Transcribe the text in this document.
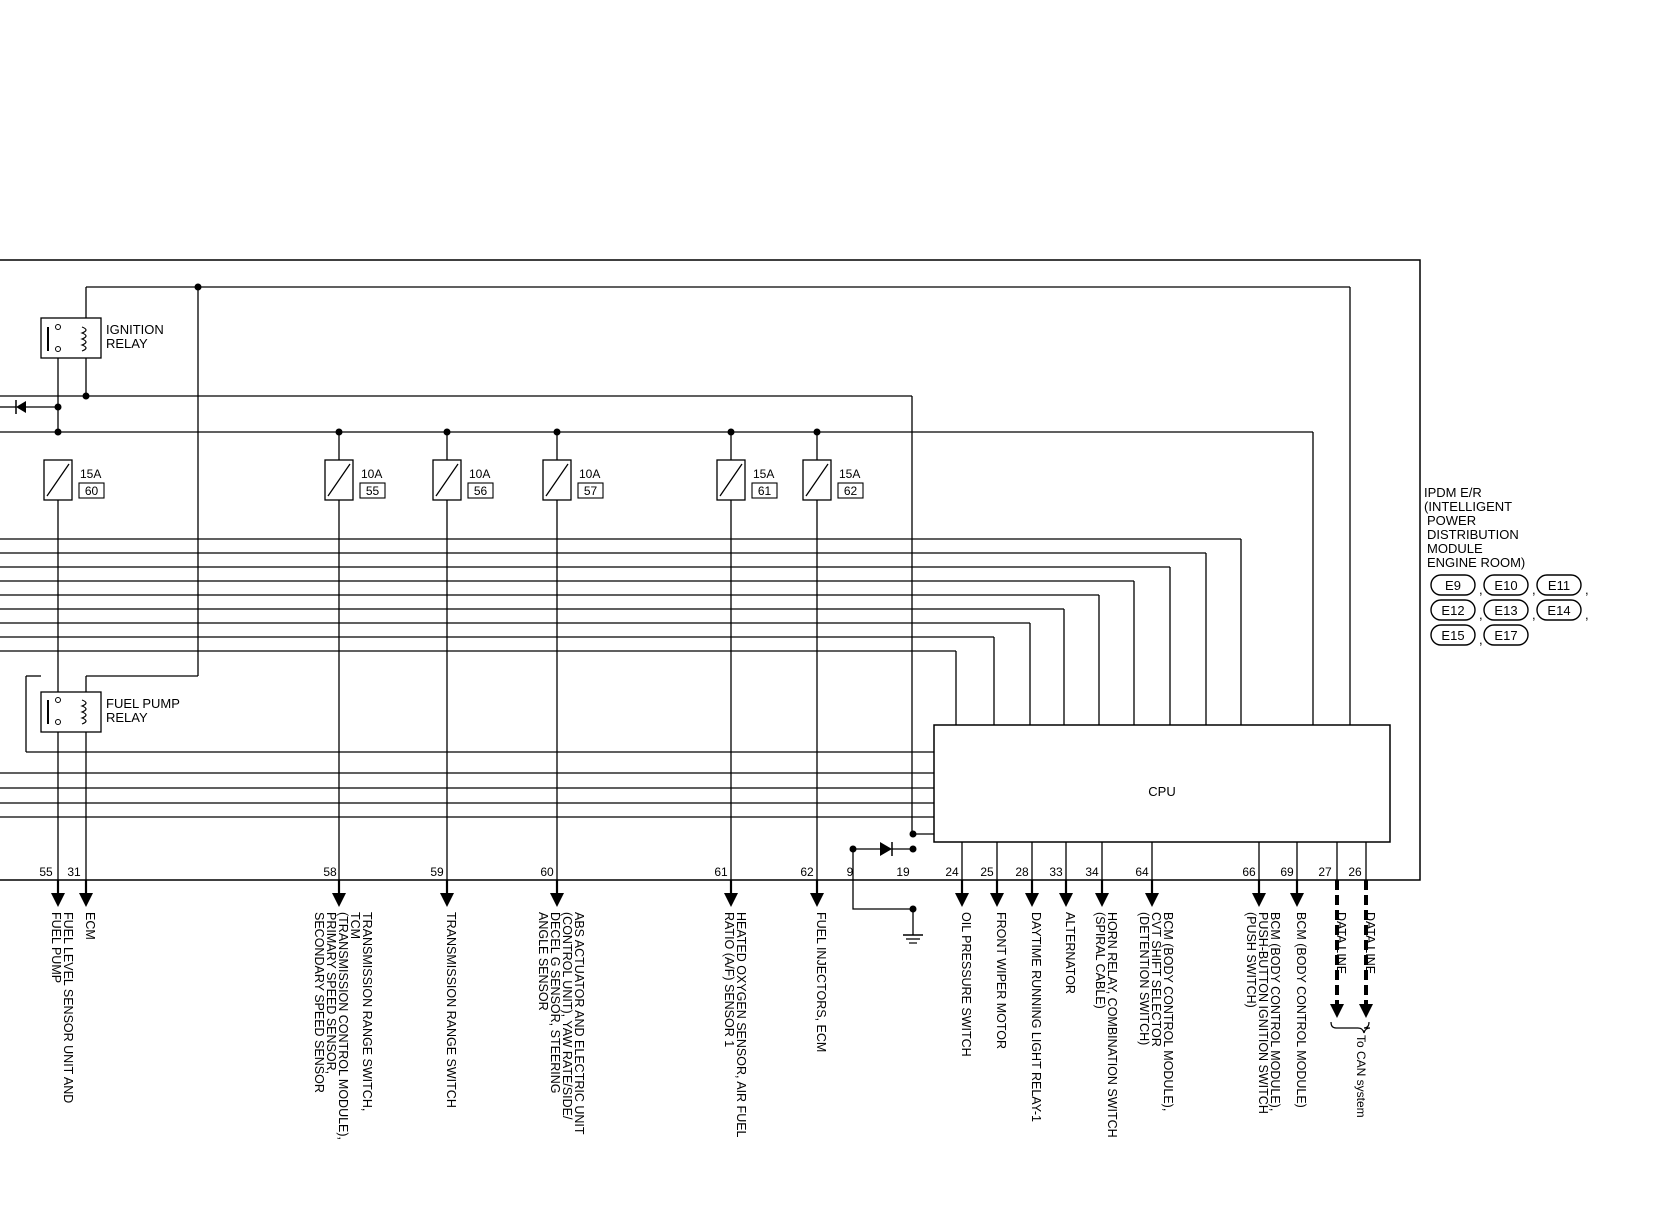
IGNITION
RELAY
FUEL PUMP
RELAY
15A
60
10A
55
10A
56
10A
57
15A
61
15A
62
CPU
55 31	58	59	60	61	62	9	19	24 25 28 33 34	64	66 69 27 26
FUEL LEVEL SENSOR UNIT AND
FUEL PUMP ECM	TRANSMISSION RANGE SWITCH,
TCM
(TRANSMISSION CONTROL MODULE),
PRIMARY SPEED SENSOR,
SECONDARY SPEED SENSOR	TRANSMISSION RANGE SWITCH	ABS ACTUATOR AND ELECTRIC UNIT
(CONTROL UNIT), YAW RATE/SIDE/
DECEL G SENSOR, STEERING
ANGLE SENSOR	HEATED OXYGEN SENSOR, AIR FUEL
RATIO (A/F) SENSOR 1	FUEL INJECTORS, ECM	OIL PRESSURE SWITCH FRONT WIPER MOTOR DAYTIME RUNNING LIGHT RELAY-1 ALTERNATOR HORN RELAY, COMBINATION SWITCH
(SPIRAL CABLE)	BCM (BODY CONTROL MODULE),
CVT SHIFT SELECTOR
(DETENTION SWITCH)	BCM (BODY CONTROL MODULE),
PUSH-BUTTON IGNITION SWITCH
(PUSH SWITCH)	BCM (BODY CONTROL MODULE) DATA LINE DATA LINE
To CAN system
IPDM E/R
(INTELLIGENT
POWER
DISTRIBUTION
MODULE
ENGINE ROOM)
E9 , E10 , E11 ,
E12 , E13 , E14 ,
E15 , E17
